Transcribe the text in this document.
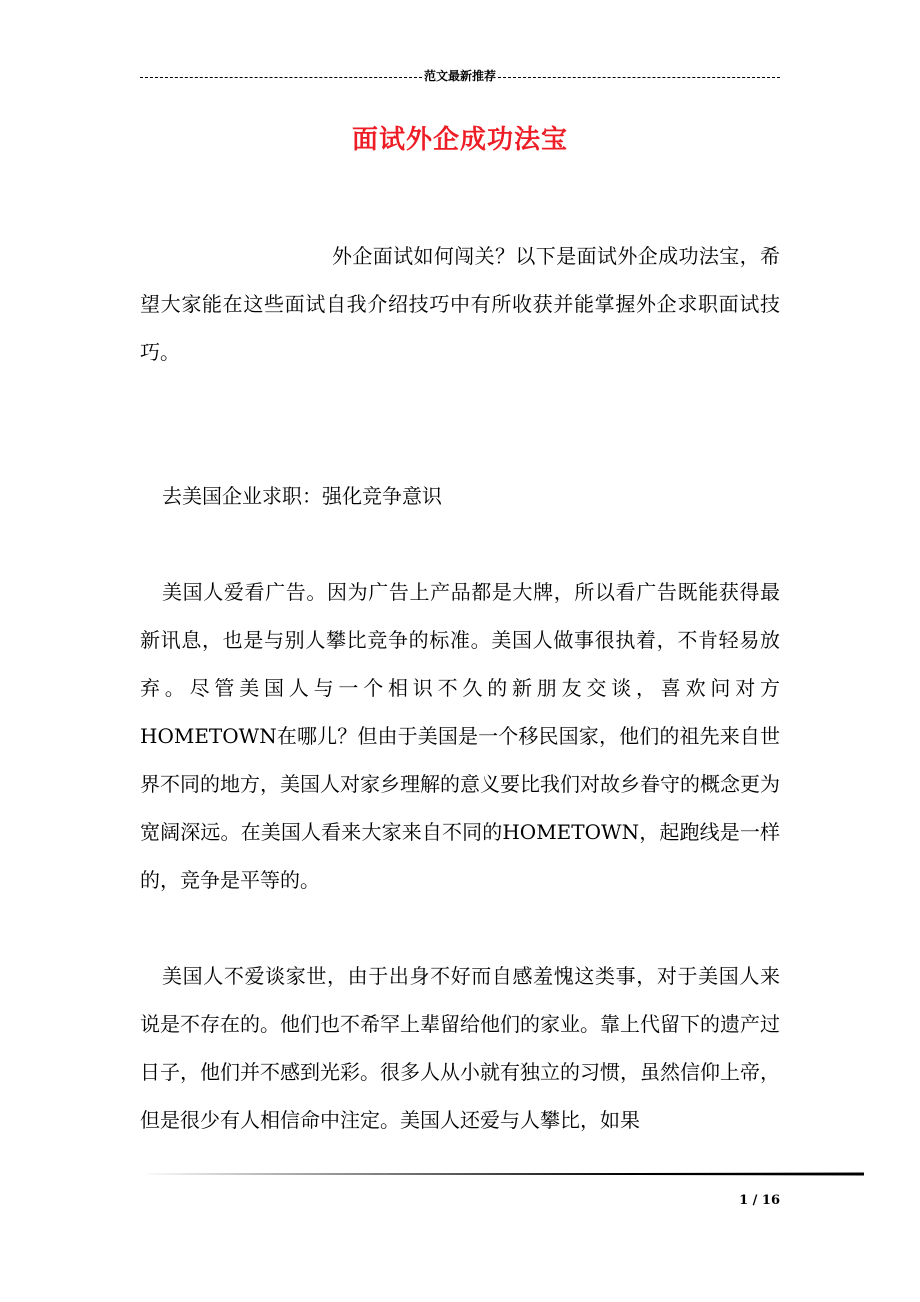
范文最新推荐
面试外企成功法宝

外企面试如何闯关？以下是面试外企成功法宝，希望大家能在这些面试自我介绍技巧中有所收获并能掌握外企求职面试技巧。

去美国企业求职：强化竞争意识

美国人爱看广告。因为广告上产品都是大牌，所以看广告既能获得最新讯息，也是与别人攀比竞争的标准。美国人做事很执着，不肯轻易放弃。尽管美国人与一个相识不久的新朋友交谈，喜欢问对方HOMETOWN在哪儿？但由于美国是一个移民国家，他们的祖先来自世界不同的地方，美国人对家乡理解的意义要比我们对故乡眷守的概念更为宽阔深远。在美国人看来大家来自不同的HOMETOWN，起跑线是一样的，竞争是平等的。

美国人不爱谈家世，由于出身不好而自感羞愧这类事，对于美国人来说是不存在的。他们也不希罕上辈留给他们的家业。靠上代留下的遗产过日子，他们并不感到光彩。很多人从小就有独立的习惯，虽然信仰上帝，但是很少有人相信命中注定。美国人还爱与人攀比，如果

1 / 16
